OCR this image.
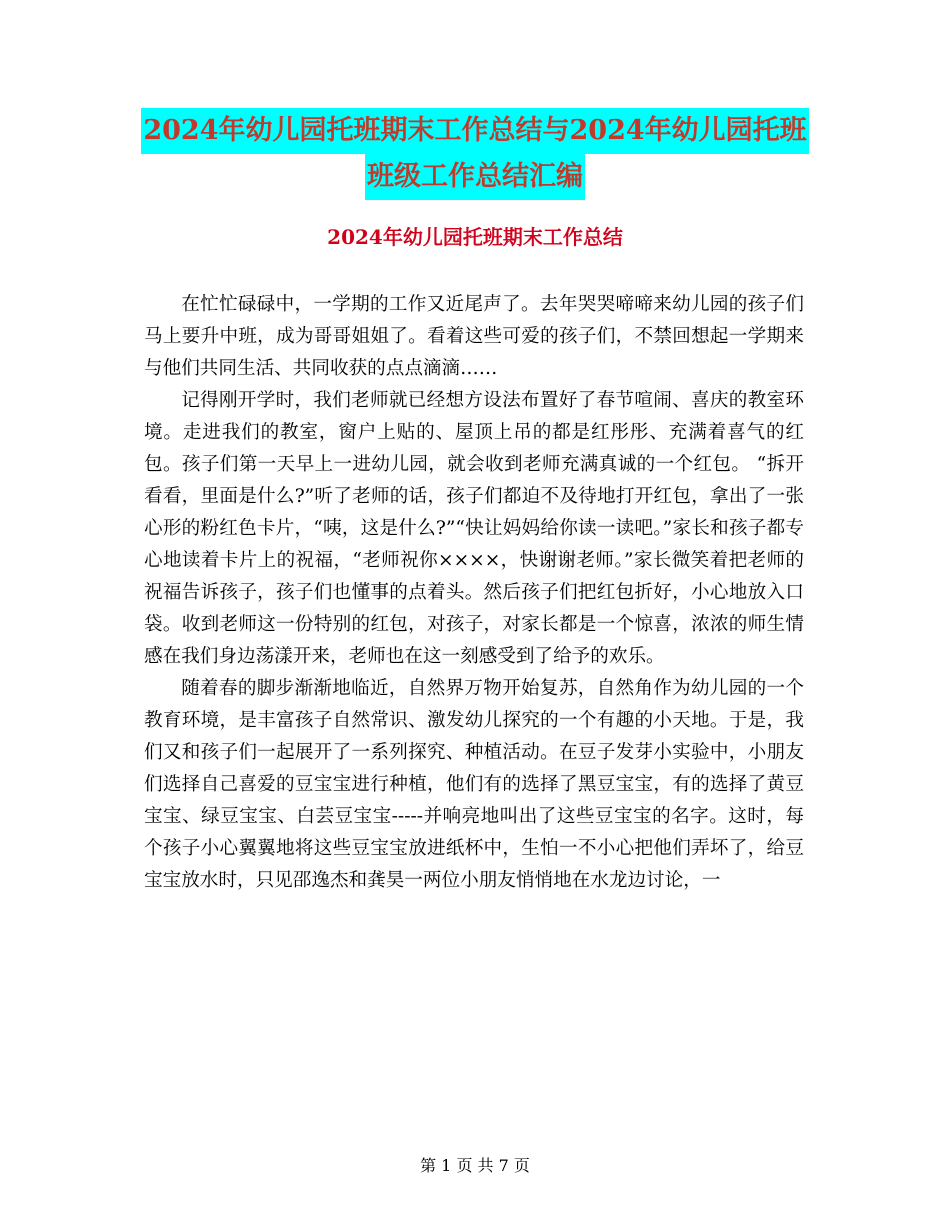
2024年幼儿园托班期末工作总结与2024年幼儿园托班
班级工作总结汇编
2024年幼儿园托班期末工作总结

在忙忙碌碌中，一学期的工作又近尾声了。去年哭哭啼啼来幼儿园的孩子们马上要升中班，成为哥哥姐姐了。看着这些可爱的孩子们，不禁回想起一学期来与他们共同生活、共同收获的点点滴滴……

记得刚开学时，我们老师就已经想方设法布置好了春节喧闹、喜庆的教室环境。走进我们的教室，窗户上贴的、屋顶上吊的都是红彤彤、充满着喜气的红包。孩子们第一天早上一进幼儿园，就会收到老师充满真诚的一个红包。 “拆开看看，里面是什么?”听了老师的话，孩子们都迫不及待地打开红包，拿出了一张心形的粉红色卡片，“咦，这是什么?”“快让妈妈给你读一读吧。”家长和孩子都专心地读着卡片上的祝福，“老师祝你××××，快谢谢老师。”家长微笑着把老师的祝福告诉孩子，孩子们也懂事的点着头。然后孩子们把红包折好，小心地放入口袋。收到老师这一份特别的红包，对孩子，对家长都是一个惊喜，浓浓的师生情感在我们身边荡漾开来，老师也在这一刻感受到了给予的欢乐。

随着春的脚步渐渐地临近，自然界万物开始复苏，自然角作为幼儿园的一个教育环境，是丰富孩子自然常识、激发幼儿探究的一个有趣的小天地。于是，我们又和孩子们一起展开了一系列探究、种植活动。在豆子发芽小实验中，小朋友们选择自己喜爱的豆宝宝进行种植，他们有的选择了黑豆宝宝，有的选择了黄豆宝宝、绿豆宝宝、白芸豆宝宝-----并响亮地叫出了这些豆宝宝的名字。这时，每个孩子小心翼翼地将这些豆宝宝放进纸杯中，生怕一不小心把他们弄坏了，给豆宝宝放水时，只见邵逸杰和龚昊一两位小朋友悄悄地在水龙边讨论，一

第 1 页 共 7 页
